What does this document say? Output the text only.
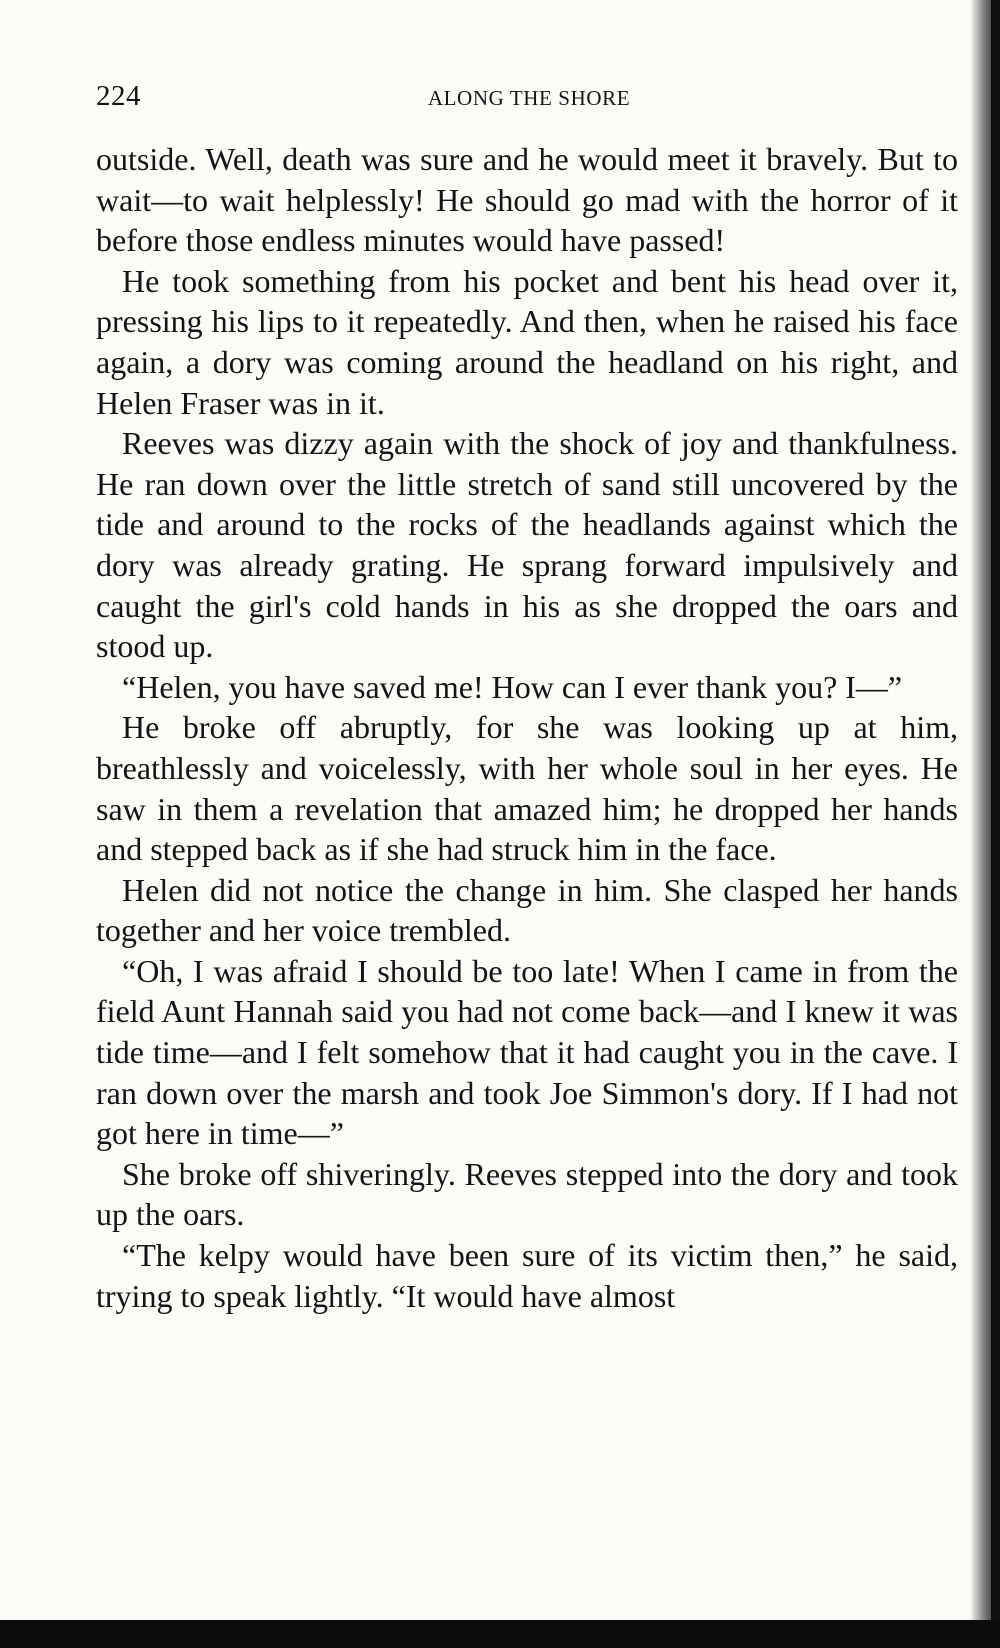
224	ALONG THE SHORE

outside. Well, death was sure and he would meet it bravely. But to wait—to wait helplessly! He should go mad with the horror of it before those endless minutes would have passed!

He took something from his pocket and bent his head over it, pressing his lips to it repeatedly. And then, when he raised his face again, a dory was coming around the headland on his right, and Helen Fraser was in it.

Reeves was dizzy again with the shock of joy and thankfulness. He ran down over the little stretch of sand still uncovered by the tide and around to the rocks of the headlands against which the dory was already grating. He sprang forward impulsively and caught the girl's cold hands in his as she dropped the oars and stood up.

“Helen, you have saved me! How can I ever thank you? I—”

He broke off abruptly, for she was looking up at him, breathlessly and voicelessly, with her whole soul in her eyes. He saw in them a revelation that amazed him; he dropped her hands and stepped back as if she had struck him in the face.

Helen did not notice the change in him. She clasped her hands together and her voice trembled.

“Oh, I was afraid I should be too late! When I came in from the field Aunt Hannah said you had not come back—and I knew it was tide time—and I felt somehow that it had caught you in the cave. I ran down over the marsh and took Joe Simmon's dory. If I had not got here in time—”

She broke off shiveringly. Reeves stepped into the dory and took up the oars.

“The kelpy would have been sure of its victim then,” he said, trying to speak lightly. “It would have almost
